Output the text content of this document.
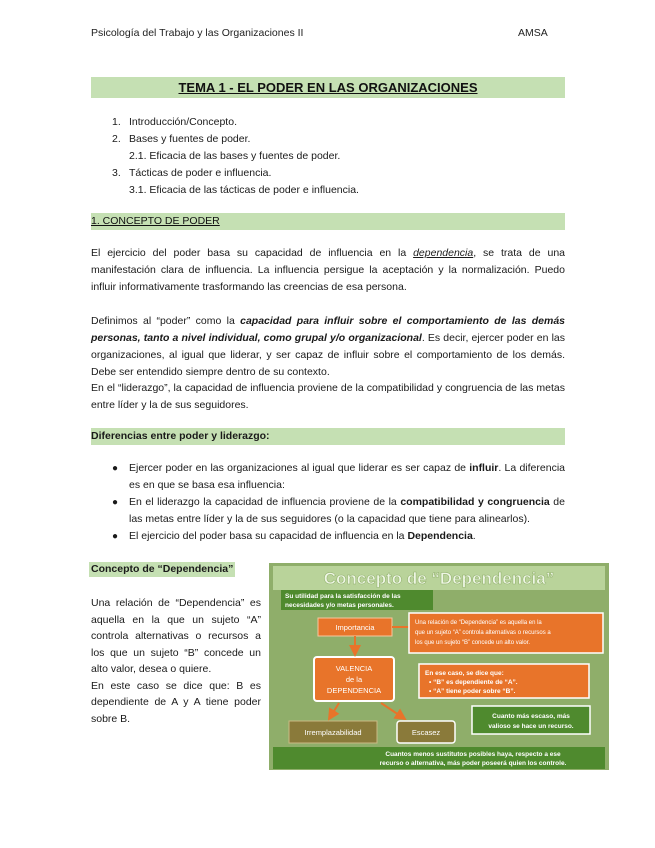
Psicología del Trabajo y las Organizaciones II	AMSA
TEMA 1 - EL PODER EN LAS ORGANIZACIONES
1. Introducción/Concepto.
2. Bases y fuentes de poder.
2.1. Eficacia de las bases y fuentes de poder.
3. Tácticas de poder e influencia.
3.1. Eficacia de las tácticas de poder e influencia.
1. CONCEPTO DE PODER
El ejercicio del poder basa su capacidad de influencia en la dependencia, se trata de una manifestación clara de influencia. La influencia persigue la aceptación y la normalización. Puedo influir informativamente trasformando las creencias de esa persona.
Definimos al “poder” como la capacidad para influir sobre el comportamiento de las demás personas, tanto a nivel individual, como grupal y/o organizacional. Es decir, ejercer poder en las organizaciones, al igual que liderar, y ser capaz de influir sobre el comportamiento de los demás. Debe ser entendido siempre dentro de su contexto.
En el “liderazgo”, la capacidad de influencia proviene de la compatibilidad y congruencia de las metas entre líder y la de sus seguidores.
Diferencias entre poder y liderazgo:
● Ejercer poder en las organizaciones al igual que liderar es ser capaz de influir. La diferencia es en que se basa esa influencia:
● En el liderazgo la capacidad de influencia proviene de la compatibilidad y congruencia de las metas entre líder y la de sus seguidores (o la capacidad que tiene para alinearlos).
● El ejercicio del poder basa su capacidad de influencia en la Dependencia.
Concepto de “Dependencia”
Una relación de “Dependencia” es aquella en la que un sujeto “A” controla alternativas o recursos a los que un sujeto “B” concede un alto valor, desea o quiere.
En este caso se dice que: B es dependiente de A y A tiene poder sobre B.
Concepto de “Dependencia”
Su utilidad para la satisfacción de las
necesidades y/o metas personales.
Importancia
VALENCIA
de la
DEPENDENCIA
Irremplazabilidad	Escasez
Una relación de “Dependencia” es aquella en la
que un sujeto “A” controla alternativas o recursos a
los que un sujeto “B” concede un alto valor.
En ese caso, se dice que:
• “B” es dependiente de “A”.
• “A” tiene poder sobre “B”.
Cuanto más escaso, más
valioso se hace un recurso.
Cuantos menos sustitutos posibles haya, respecto a ese
recurso o alternativa, más poder poseerá quien los controle.
